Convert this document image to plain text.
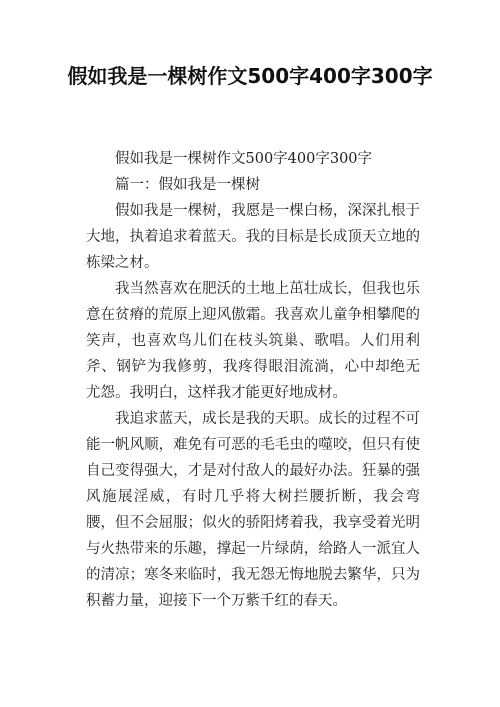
假如我是一棵树作文500字400字300字

假如我是一棵树作文500字400字300字

篇一：假如我是一棵树

假如我是一棵树，我愿是一棵白杨，深深扎根于大地，执着追求着蓝天。我的目标是长成顶天立地的栋梁之材。

我当然喜欢在肥沃的土地上茁壮成长，但我也乐意在贫瘠的荒原上迎风傲霜。我喜欢儿童争相攀爬的笑声，也喜欢鸟儿们在枝头筑巢、歌唱。人们用利斧、钢铲为我修剪，我疼得眼泪流淌，心中却绝无 尤怨。我明白，这样我才能更好地成材。

我追求蓝天，成长是我的天职。成长的过程不可能一帆风顺，难免有可恶的毛毛虫的噬咬，但只有使自己变得强大，才是对付敌人的最好办法。狂暴的强风施展淫威，有时几乎将大树拦腰折断，我会弯　腰，但不会屈服；似火的骄阳烤着我，我享受着光明与火热带来的乐趣，撑起一片绿荫，给路人一派宜人的清凉；寒冬来临时，我无怨无悔地脱去繁华，只为积蓄力量，迎接下一个万紫千红的春天。
